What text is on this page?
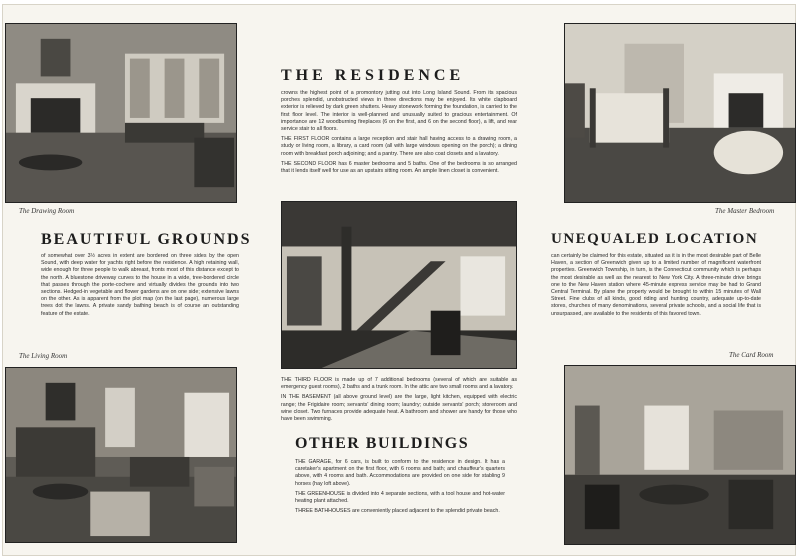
The Drawing Room	The Master Bedroom
The Living Room	The Card Room
THE RESIDENCE

crowns the highest point of a promontory jutting out into Long Island Sound. From its spacious porches splendid, unobstructed views in three directions may be enjoyed. Its white clapboard exterior is relieved by dark green shutters. Heavy stonework forming the foundation, is carried to the first floor level. The interior is well-planned and unusually suited to gracious entertainment. Of importance are 12 woodburning fireplaces (6 on the first, and 6 on the second floor), a lift, and rear service stair to all floors.

THE FIRST FLOOR contains a large reception and stair hall having access to a drawing room, a study or living room, a library, a card room (all with large windows opening on the porch); a dining room with breakfast porch adjoining; and a pantry. There are also coat closets and a lavatory.

THE SECOND FLOOR has 6 master bedrooms and 5 baths. One of the bedrooms is so arranged that it lends itself well for use as an upstairs sitting room. An ample linen closet is convenient.

BEAUTIFUL GROUNDS

of somewhat over 3½ acres in extent are bordered on three sides by the open Sound, with deep water for yachts right before the residence. A high retaining wall, wide enough for three people to walk abreast, fronts most of this distance except to the north. A bluestone driveway curves to the house in a wide, tree-bordered circle that passes through the porte-cochere and virtually divides the grounds into two sections. Hedged-in vegetable and flower gardens are on one side; extensive lawns on the other. As is apparent from the plot map (on the last page), numerous large trees dot the lawns. A private sandy bathing beach is of course an outstanding feature of the estate.

UNEQUALED LOCATION

can certainly be claimed for this estate, situated as it is in the most desirable part of Belle Haven, a section of Greenwich given up to a limited number of magnificent waterfront properties. Greenwich Township, in turn, is the Connecticut community which is perhaps the most desirable as well as the nearest to New York City. A three-minute drive brings one to the New Haven station where 45-minute express service may be had to Grand Central Terminal. By plane the property would be brought to within 15 minutes of Wall Street. Fine clubs of all kinds, good riding and hunting country, adequate up-to-date stores, churches of many denominations, several private schools, and a social life that is unsurpassed, are available to the residents of this favored town.

THE THIRD FLOOR is made up of 7 additional bedrooms (several of which are suitable as emergency guest rooms), 2 baths and a trunk room. In the attic are two small rooms and a lavatory.

IN THE BASEMENT (all above ground level) are the large, light kitchen, equipped with electric range; the Frigidaire room; servants' dining room; laundry; outside servants' porch; storeroom and wine closet. Two furnaces provide adequate heat. A bathroom and shower are handy for those who have been swimming.

OTHER BUILDINGS

THE GARAGE, for 6 cars, is built to conform to the residence in design. It has a caretaker's apartment on the first floor, with 6 rooms and bath; and chauffeur's quarters above, with 4 rooms and bath. Accommodations are provided on one side for stabling 9 horses (hay loft above).

THE GREENHOUSE is divided into 4 separate sections, with a tool house and hot-water heating plant attached.

THREE BATHHOUSES are conveniently placed adjacent to the splendid private beach.
